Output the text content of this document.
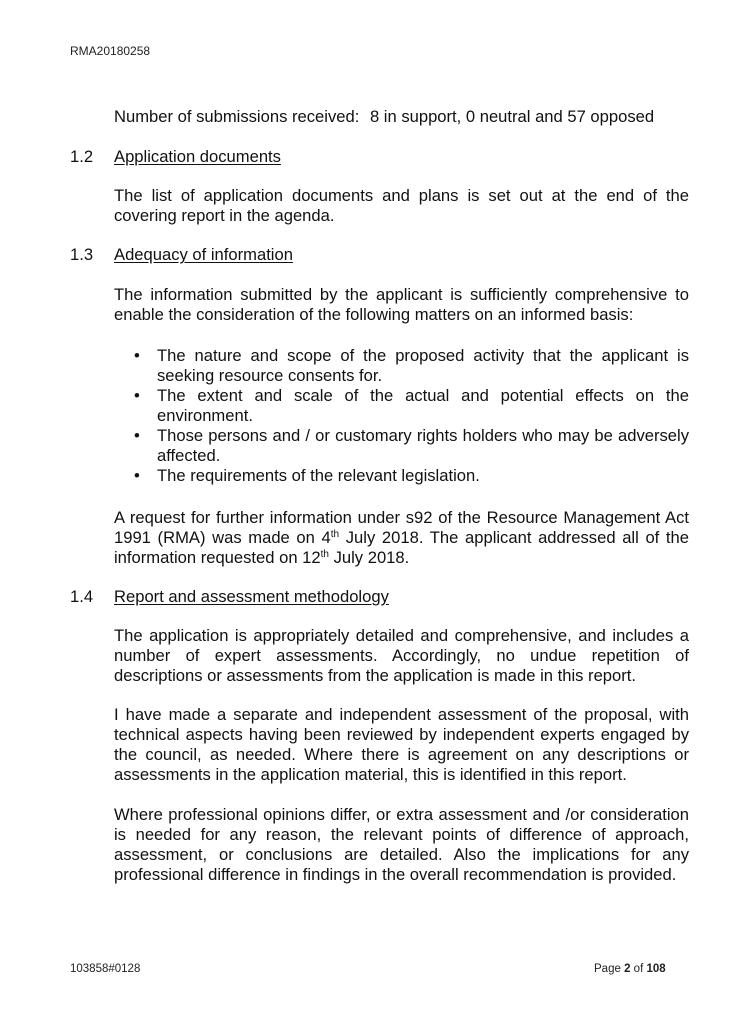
RMA20180258
Number of submissions received: 8 in support, 0 neutral and 57 opposed
1.2 Application documents
The list of application documents and plans is set out at the end of the covering report in the agenda.
1.3 Adequacy of information
The information submitted by the applicant is sufficiently comprehensive to enable the consideration of the following matters on an informed basis:
• The nature and scope of the proposed activity that the applicant is seeking resource consents for.
• The extent and scale of the actual and potential effects on the environment.
• Those persons and / or customary rights holders who may be adversely affected.
• The requirements of the relevant legislation.
A request for further information under s92 of the Resource Management Act 1991 (RMA) was made on 4th July 2018. The applicant addressed all of the information requested on 12th July 2018.
1.4 Report and assessment methodology
The application is appropriately detailed and comprehensive, and includes a number of expert assessments. Accordingly, no undue repetition of descriptions or assessments from the application is made in this report.
I have made a separate and independent assessment of the proposal, with technical aspects having been reviewed by independent experts engaged by the council, as needed. Where there is agreement on any descriptions or assessments in the application material, this is identified in this report.
Where professional opinions differ, or extra assessment and /or consideration is needed for any reason, the relevant points of difference of approach, assessment, or conclusions are detailed. Also the implications for any professional difference in findings in the overall recommendation is provided.
103858#0128	Page 2 of 108
